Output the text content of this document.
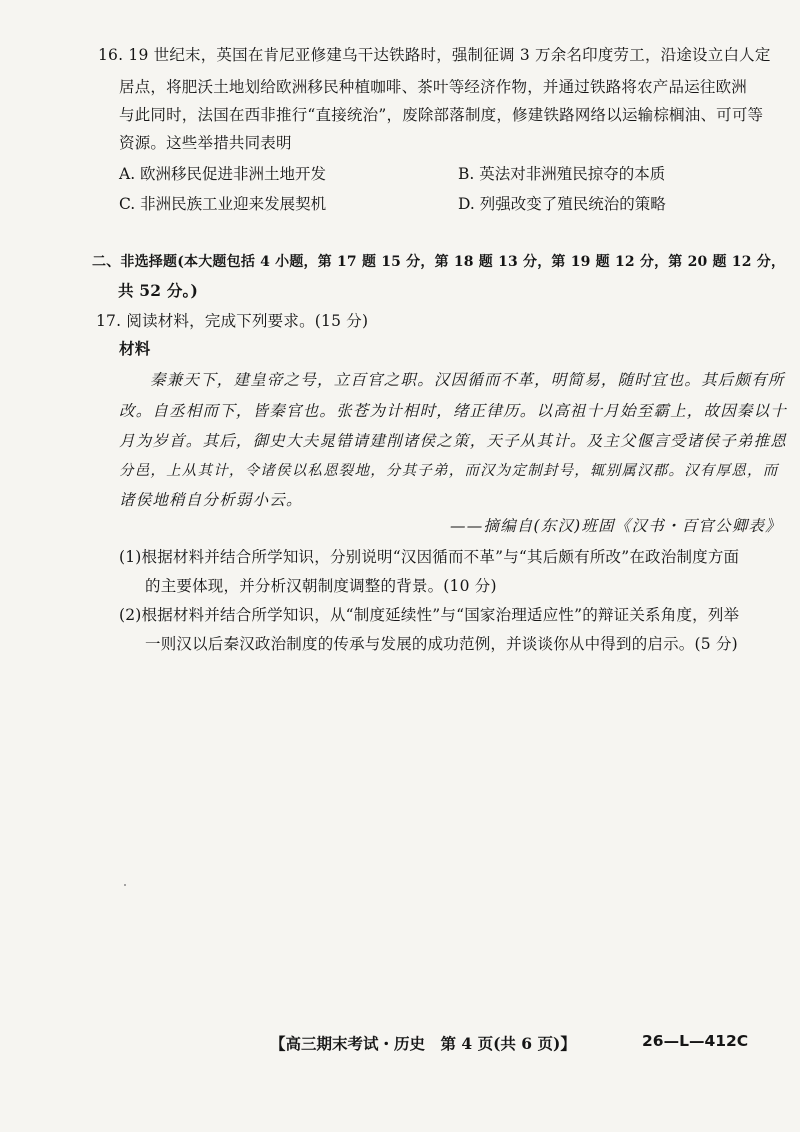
16. 19 世纪末，英国在肯尼亚修建乌干达铁路时，强制征调 3 万余名印度劳工，沿途设立白人定
居点，将肥沃土地划给欧洲移民种植咖啡、茶叶等经济作物，并通过铁路将农产品运往欧洲
与此同时，法国在西非推行“直接统治”，废除部落制度，修建铁路网络以运输棕榈油、可可等
资源。这些举措共同表明
A. 欧洲移民促进非洲土地开发	B. 英法对非洲殖民掠夺的本质
C. 非洲民族工业迎来发展契机	D. 列强改变了殖民统治的策略
二、非选择题(本大题包括 4 小题，第 17 题 15 分，第 18 题 13 分，第 19 题 12 分，第 20 题 12 分，
共 52 分。)
17. 阅读材料，完成下列要求。(15 分)
材料
秦兼天下，建皇帝之号，立百官之职。汉因循而不革，明简易，随时宜也。其后颇有所
改。自丞相而下，皆秦官也。张苍为计相时，绪正律历。以高祖十月始至霸上，故因秦以十
月为岁首。其后，御史大夫晁错请建削诸侯之策，天子从其计。及主父偃言受诸侯子弟推恩
分邑，上从其计，令诸侯以私恩裂地，分其子弟，而汉为定制封号，辄别属汉郡。汉有厚恩，而
诸侯地稍自分析弱小云。
——摘编自(东汉)班固《汉书・百官公卿表》
(1)根据材料并结合所学知识，分别说明“汉因循而不革”与“其后颇有所改”在政治制度方面
的主要体现，并分析汉朝制度调整的背景。(10 分)
(2)根据材料并结合所学知识，从“制度延续性”与“国家治理适应性”的辩证关系角度，列举
一则汉以后秦汉政治制度的传承与发展的成功范例，并谈谈你从中得到的启示。(5 分)
【高三期末考试・历史　第 4 页(共 6 页)】	26—L—412C
